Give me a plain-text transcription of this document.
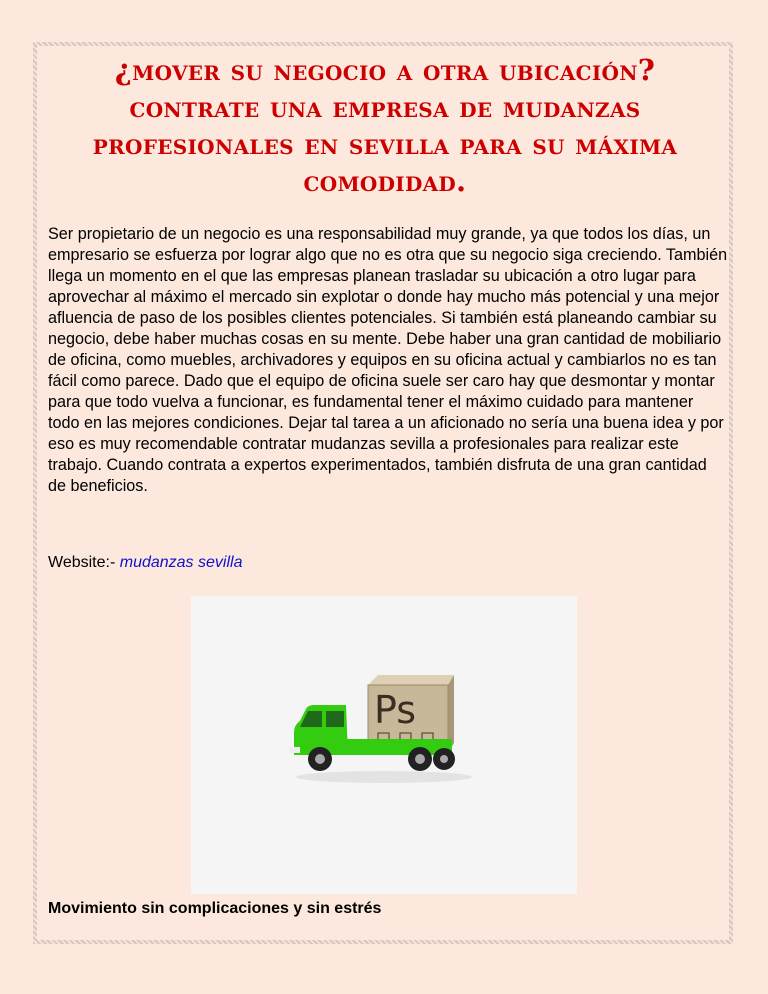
¿mover su negocio a otra ubicación? contrate una empresa de mudanzas profesionales en sevilla para su máxima comodidad.

Ser propietario de un negocio es una responsabilidad muy grande, ya que todos los días, un empresario se esfuerza por lograr algo que no es otra que su negocio siga creciendo. También llega un momento en el que las empresas planean trasladar su ubicación a otro lugar para aprovechar al máximo el mercado sin explotar o donde hay mucho más potencial y una mejor afluencia de paso de los posibles clientes potenciales. Si también está planeando cambiar su negocio, debe haber muchas cosas en su mente. Debe haber una gran cantidad de mobiliario de oficina, como muebles, archivadores y equipos en su oficina actual y cambiarlos no es tan fácil como parece. Dado que el equipo de oficina suele ser caro hay que desmontar y montar para que todo vuelva a funcionar, es fundamental tener el máximo cuidado para mantener todo en las mejores condiciones. Dejar tal tarea a un aficionado no sería una buena idea y por eso es muy recomendable contratar mudanzas sevilla a profesionales para realizar este trabajo. Cuando contrata a expertos experimentados, también disfruta de una gran cantidad de beneficios.

Website:- mudanzas sevilla

Ps

Movimiento sin complicaciones y sin estrés
